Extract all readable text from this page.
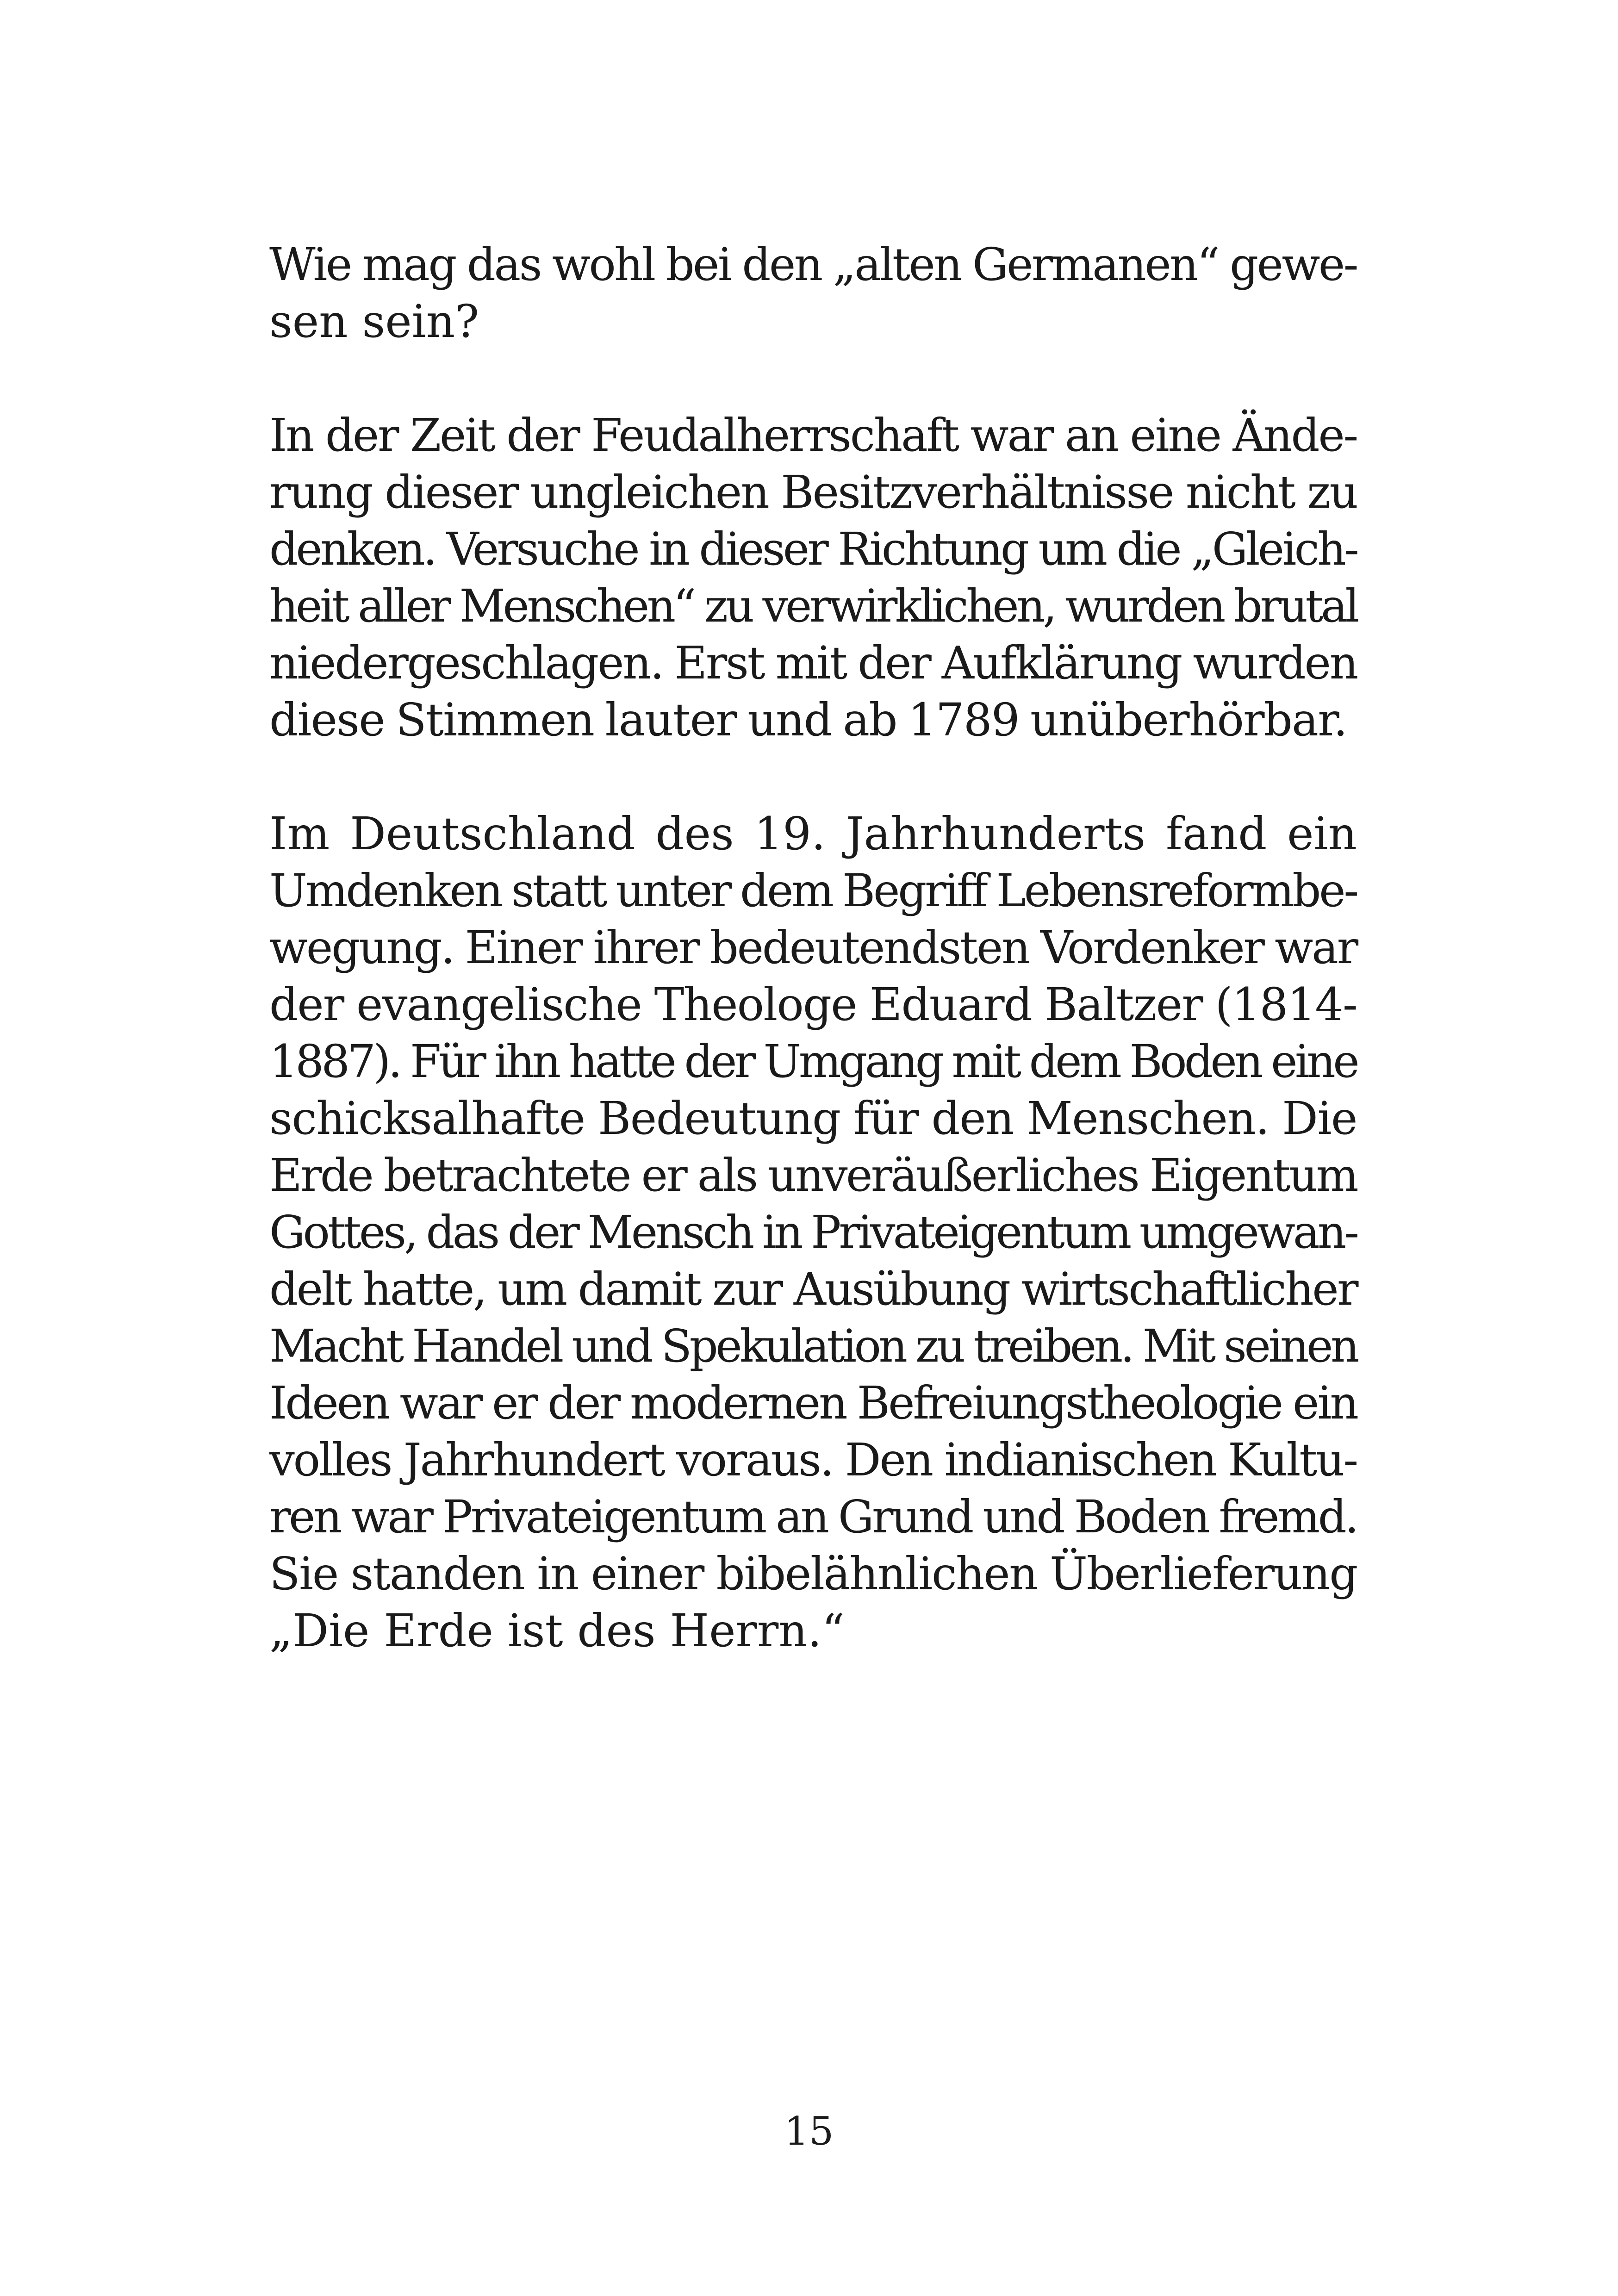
Wie mag das wohl bei den „alten Germanen“ gewe-
sen sein?

In der Zeit der Feudalherrschaft war an eine Ände-
rung dieser ungleichen Besitzverhältnisse nicht zu
denken. Versuche in dieser Richtung um die „Gleich-
heit aller Menschen“ zu verwirklichen, wurden brutal
niedergeschlagen. Erst mit der Aufklärung wurden
diese Stimmen lauter und ab 1789 unüberhörbar.

Im Deutschland des 19. Jahrhunderts fand ein
Umdenken statt unter dem Begriff Lebensreformbe-
wegung. Einer ihrer bedeutendsten Vordenker war
der evangelische Theologe Eduard Baltzer (1814-
1887). Für ihn hatte der Umgang mit dem Boden eine
schicksalhafte Bedeutung für den Menschen. Die
Erde betrachtete er als unveräußerliches Eigentum
Gottes, das der Mensch in Privateigentum umgewan-
delt hatte, um damit zur Ausübung wirtschaftlicher
Macht Handel und Spekulation zu treiben. Mit seinen
Ideen war er der modernen Befreiungstheologie ein
volles Jahrhundert voraus. Den indianischen Kultu-
ren war Privateigentum an Grund und Boden fremd.
Sie standen in einer bibelähnlichen Überlieferung
„Die Erde ist des Herrn.“

15
